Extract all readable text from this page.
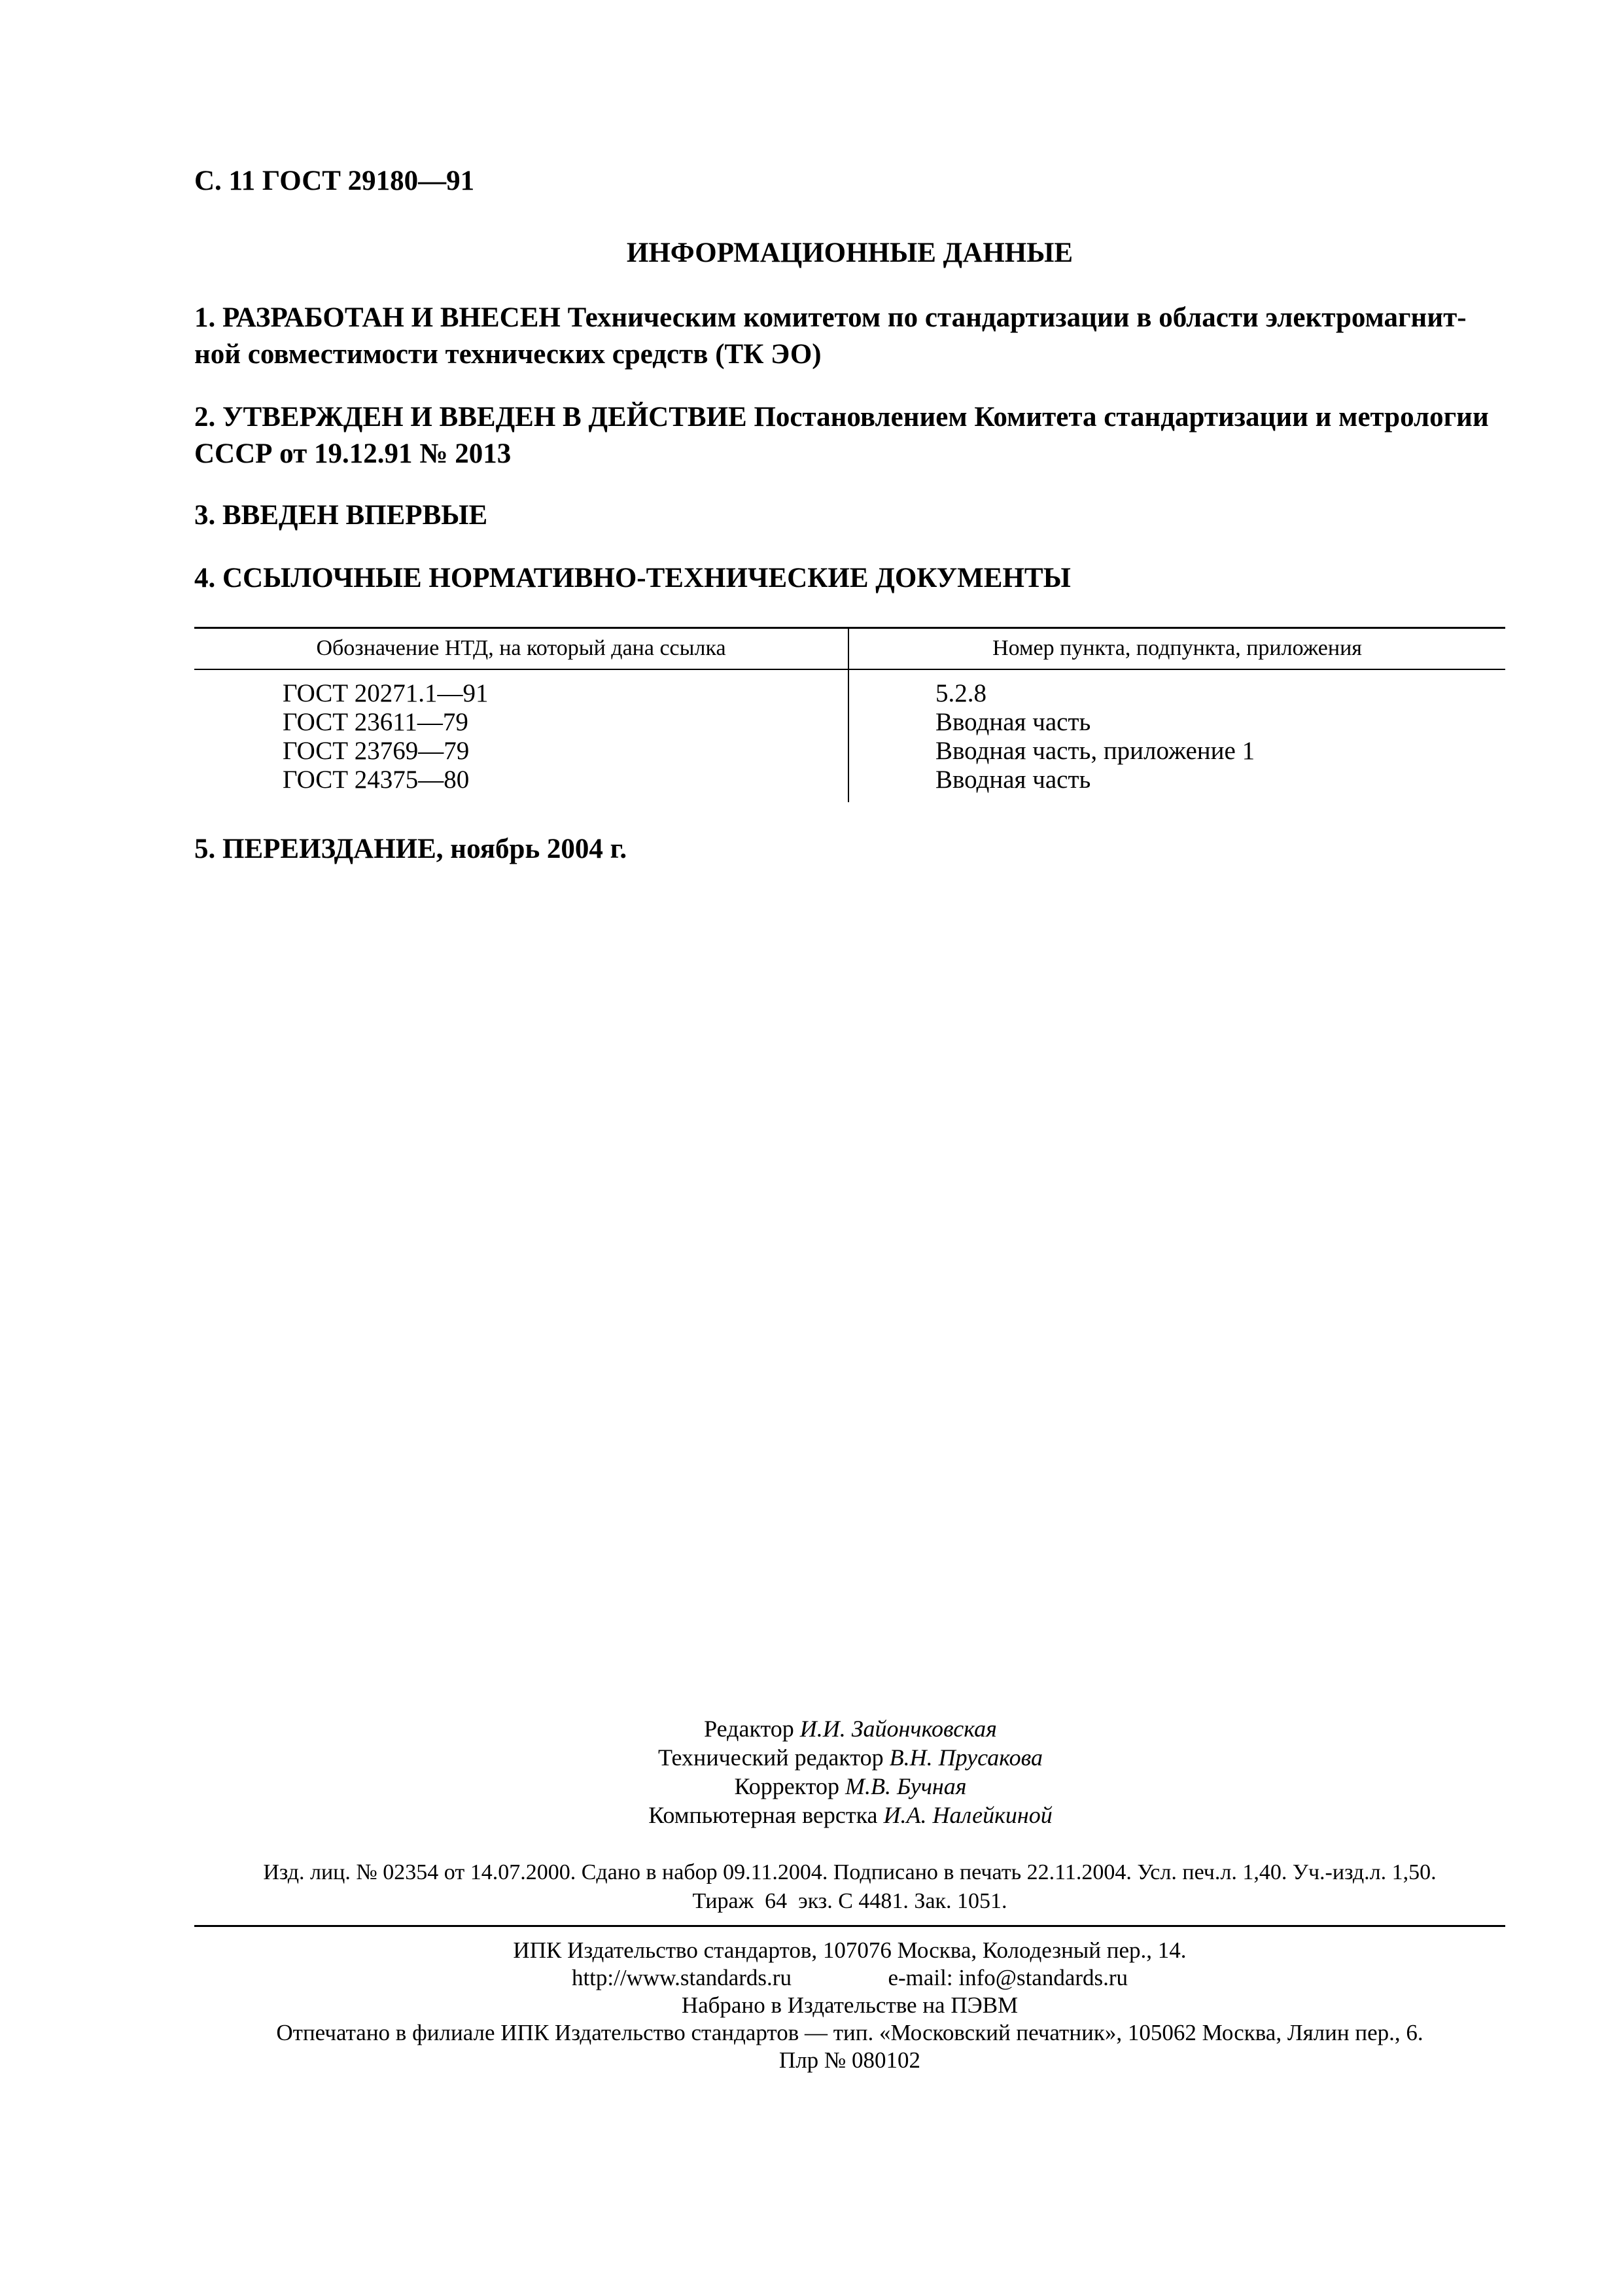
С. 11 ГОСТ 29180—91
ИНФОРМАЦИОННЫЕ ДАННЫЕ
1. РАЗРАБОТАН И ВНЕСЕН Техническим комитетом по стандартизации в области электромагнит-ной совместимости технических средств (ТК ЭО)
2. УТВЕРЖДЕН И ВВЕДЕН В ДЕЙСТВИЕ Постановлением Комитета стандартизации и метрологии СССР от 19.12.91 № 2013
3. ВВЕДЕН ВПЕРВЫЕ
4. ССЫЛОЧНЫЕ НОРМАТИВНО-ТЕХНИЧЕСКИЕ ДОКУМЕНТЫ
Обозначение НТД, на который дана ссылка	Номер пункта, подпункта, приложения
ГОСТ 20271.1—91	5.2.8
ГОСТ 23611—79	Вводная часть
ГОСТ 23769—79	Вводная часть, приложение 1
ГОСТ 24375—80	Вводная часть
5. ПЕРЕИЗДАНИЕ, ноябрь 2004 г.
Редактор И.И. Зайончковская
Технический редактор В.Н. Прусакова
Корректор М.В. Бучная
Компьютерная верстка И.А. Налейкиной
Изд. лиц. № 02354 от 14.07.2000. Сдано в набор 09.11.2004. Подписано в печать 22.11.2004. Усл. печ.л. 1,40. Уч.-изд.л. 1,50.
Тираж  64  экз. С 4481. Зак. 1051.
ИПК Издательство стандартов, 107076 Москва, Колодезный пер., 14.
http://www.standards.ru	e-mail: info@standards.ru
Набрано в Издательстве на ПЭВМ
Отпечатано в филиале ИПК Издательство стандартов — тип. «Московский печатник», 105062 Москва, Лялин пер., 6.
Плр № 080102
